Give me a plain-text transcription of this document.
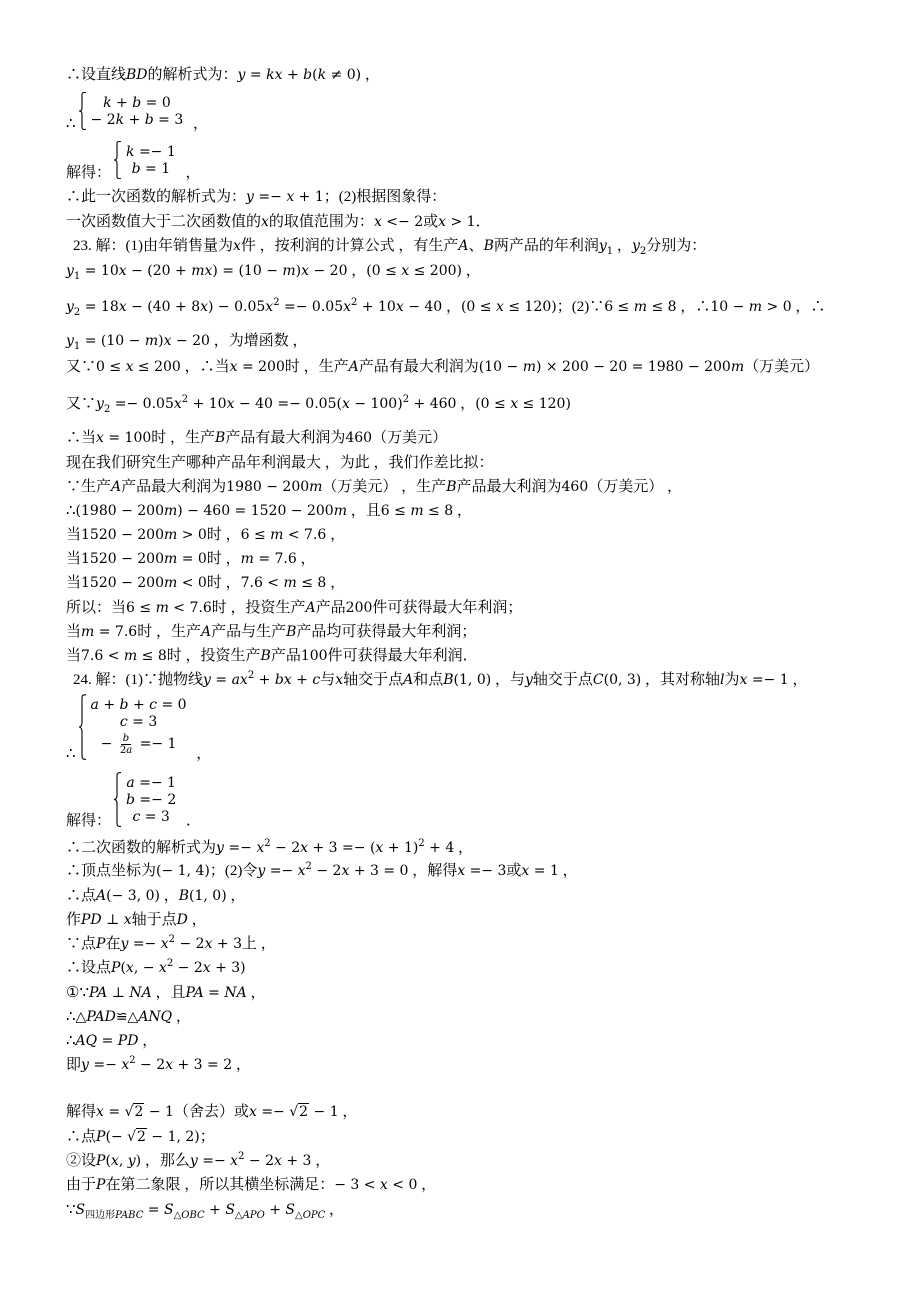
∴设直线BD的解析式为：y = kx + b(k ≠ 0) ，
∴
k + b = 0
− 2k + b = 3 ，
解得：
k =− 1
b = 1 ，
∴此一次函数的解析式为：y =− x + 1；(2)根据图象得：
一次函数值大于二次函数值的x的取值范围为：x <− 2或x > 1．
23. 解：(1)由年销售量为x件 ，按利润的计算公式 ，有生产A、B两产品的年利润$y_1$ ，$y_2$分别为：
$y_1 = 10x - (20 + mx) = (10 - m)x - 20$ ，(0 ≤ x ≤ 200) ，
$y_2 = 18x - (40 + 8x) - 0.05x^2 =- 0.05x^2 + 10x - 40$ ，(0 ≤ x ≤ 120)；(2)∵6 ≤ m ≤ 8 ，∴10 − m > 0 ，∴
$y_1 = (10 - m)x - 20$ ，为增函数 ，
又∵0 ≤ x ≤ 200 ，∴当x = 200时 ，生产A产品有最大利润为(10 − m) × 200 − 20 = 1980 − 200m（万美元）
又$\because y_2 =- 0.05x^2 + 10x - 40 =- 0.05(x - 100)^2 + 460$ ，(0 ≤ x ≤ 120)
∴当x = 100时 ，生产B产品有最大利润为460（万美元）
现在我们研究生产哪种产品年利润最大 ，为此 ，我们作差比拟：
∵生产A产品最大利润为1980 − 200m（万美元） ，生产B产品最大利润为460（万美元） ，
∴(1980 − 200m) − 460 = 1520 − 200m ，且6 ≤ m ≤ 8 ，
当1520 − 200m > 0时 ，6 ≤ m < 7.6 ，
当1520 − 200m = 0时 ，m = 7.6 ，
当1520 − 200m < 0时 ，7.6 < m ≤ 8 ，
所以：当6 ≤ m < 7.6时 ，投资生产A产品200件可获得最大年利润；
当m = 7.6时 ，生产A产品与生产B产品均可获得最大年利润；
当7.6 < m ≤ 8时 ，投资生产B产品100件可获得最大年利润．
24. 解：(1)∵抛物线$y = ax^2$ + bx + c与x轴交于点A和点B(1, 0) ，与y轴交于点C(0, 3) ，其对称轴l为x =− 1 ，
∴
a + b + c = 0
c = 3
− $\frac{b}{2a} =- 1$
，
解得：
a =− 1
b =− 2
c = 3 ．
∴二次函数的解析式为$y =- x^2 - 2x + 3 =- (x + 1)^2 + 4$ ，
∴顶点坐标为(− 1, 4)；(2)令$y =- x^2 - 2x + 3 = 0$ ，解得x =− 3或x = 1 ，
∴点A(− 3, 0) ，B(1, 0) ，
作PD ⊥ x轴于点D ，
∵点P在$y =- x^2 - 2x + 3$上 ，
∴设点P(x, − $x^2 - 2x + 3$)
①∵PA ⊥ NA ，且PA = NA ，
∴△PAD≌△ANQ ，
∴AQ = PD ，
即$y =- x^2 - 2x + 3 = 2$ ，
解得x = √ 2 − 1（舍去）或x =− √ 2 − 1 ，
∴点P(− √ 2 − 1, 2)；
②设P(x, y) ，那么$y =- x^2 - 2x + 3$ ，
由于P在第二象限 ，所以其横坐标满足：− 3 < x < 0 ，
$\because S_{四边形PABC} = S_{\triangle OBC} + S_{\triangle APO} + S_{\triangle OPC}$ ，
